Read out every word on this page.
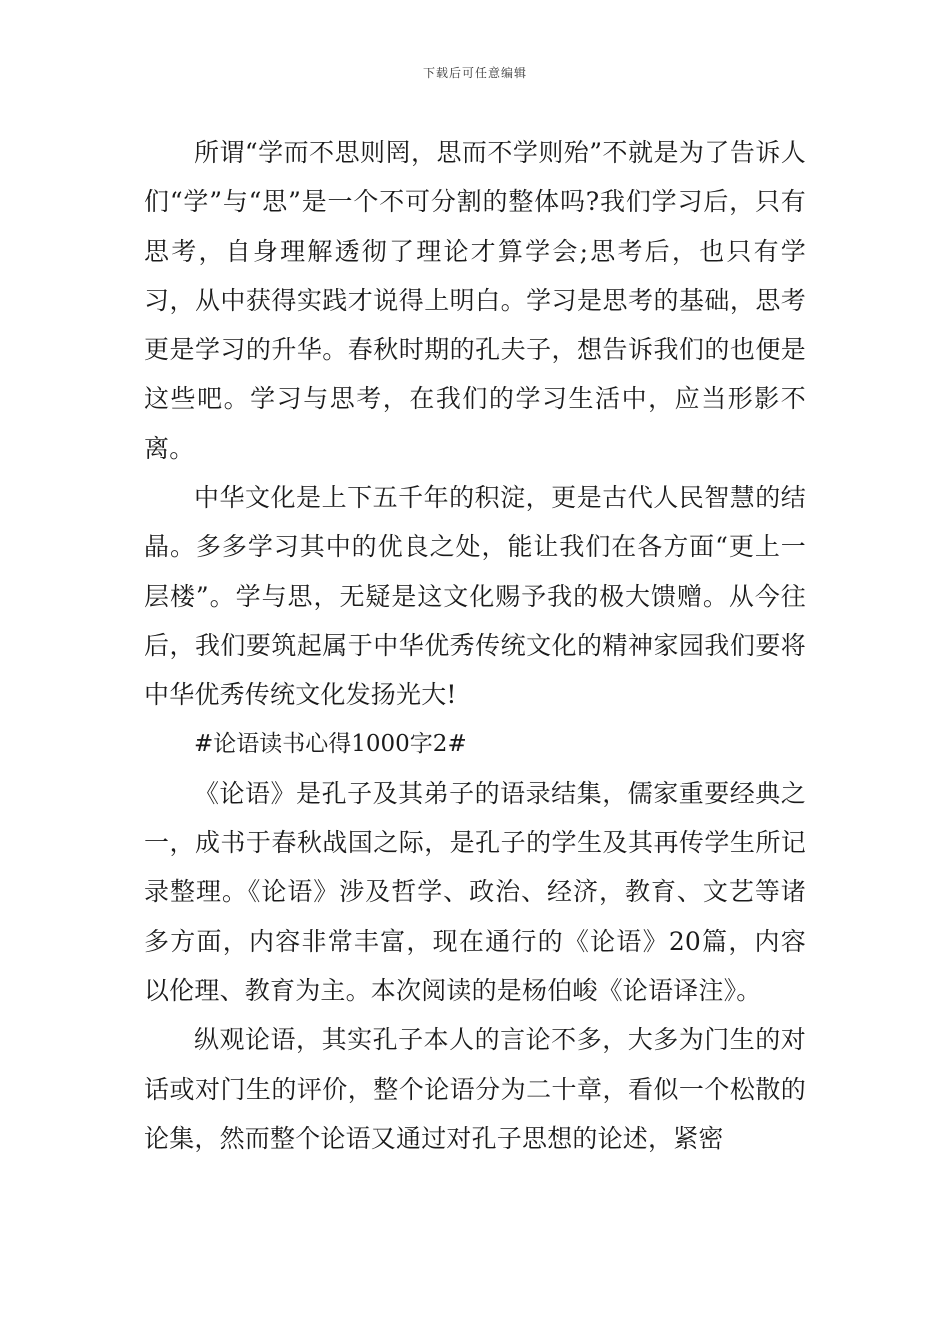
下载后可任意编辑

所谓“学而不思则罔，思而不学则殆”不就是为了告诉人们“学”与“思”是一个不可分割的整体吗?我们学习后，只有思考，自身理解透彻了理论才算学会;思考后，也只有学习，从中获得实践才说得上明白。学习是思考的基础，思考更是学习的升华。春秋时期的孔夫子，想告诉我们的也便是这些吧。学习与思考，在我们的学习生活中，应当形影不离。

中华文化是上下五千年的积淀，更是古代人民智慧的结晶。多多学习其中的优良之处，能让我们在各方面“更上一层楼”。学与思，无疑是这文化赐予我的极大馈赠。从今往后，我们要筑起属于中华优秀传统文化的精神家园我们要将中华优秀传统文化发扬光大!

#论语读书心得1000字2#

《论语》是孔子及其弟子的语录结集，儒家重要经典之一，成书于春秋战国之际，是孔子的学生及其再传学生所记录整理。《论语》涉及哲学、政治、经济，教育、文艺等诸多方面，内容非常丰富，现在通行的《论语》20篇，内容以伦理、教育为主。本次阅读的是杨伯峻《论语译注》。

纵观论语，其实孔子本人的言论不多，大多为门生的对话或对门生的评价，整个论语分为二十章，看似一个松散的论集，然而整个论语又通过对孔子思想的论述，紧密
